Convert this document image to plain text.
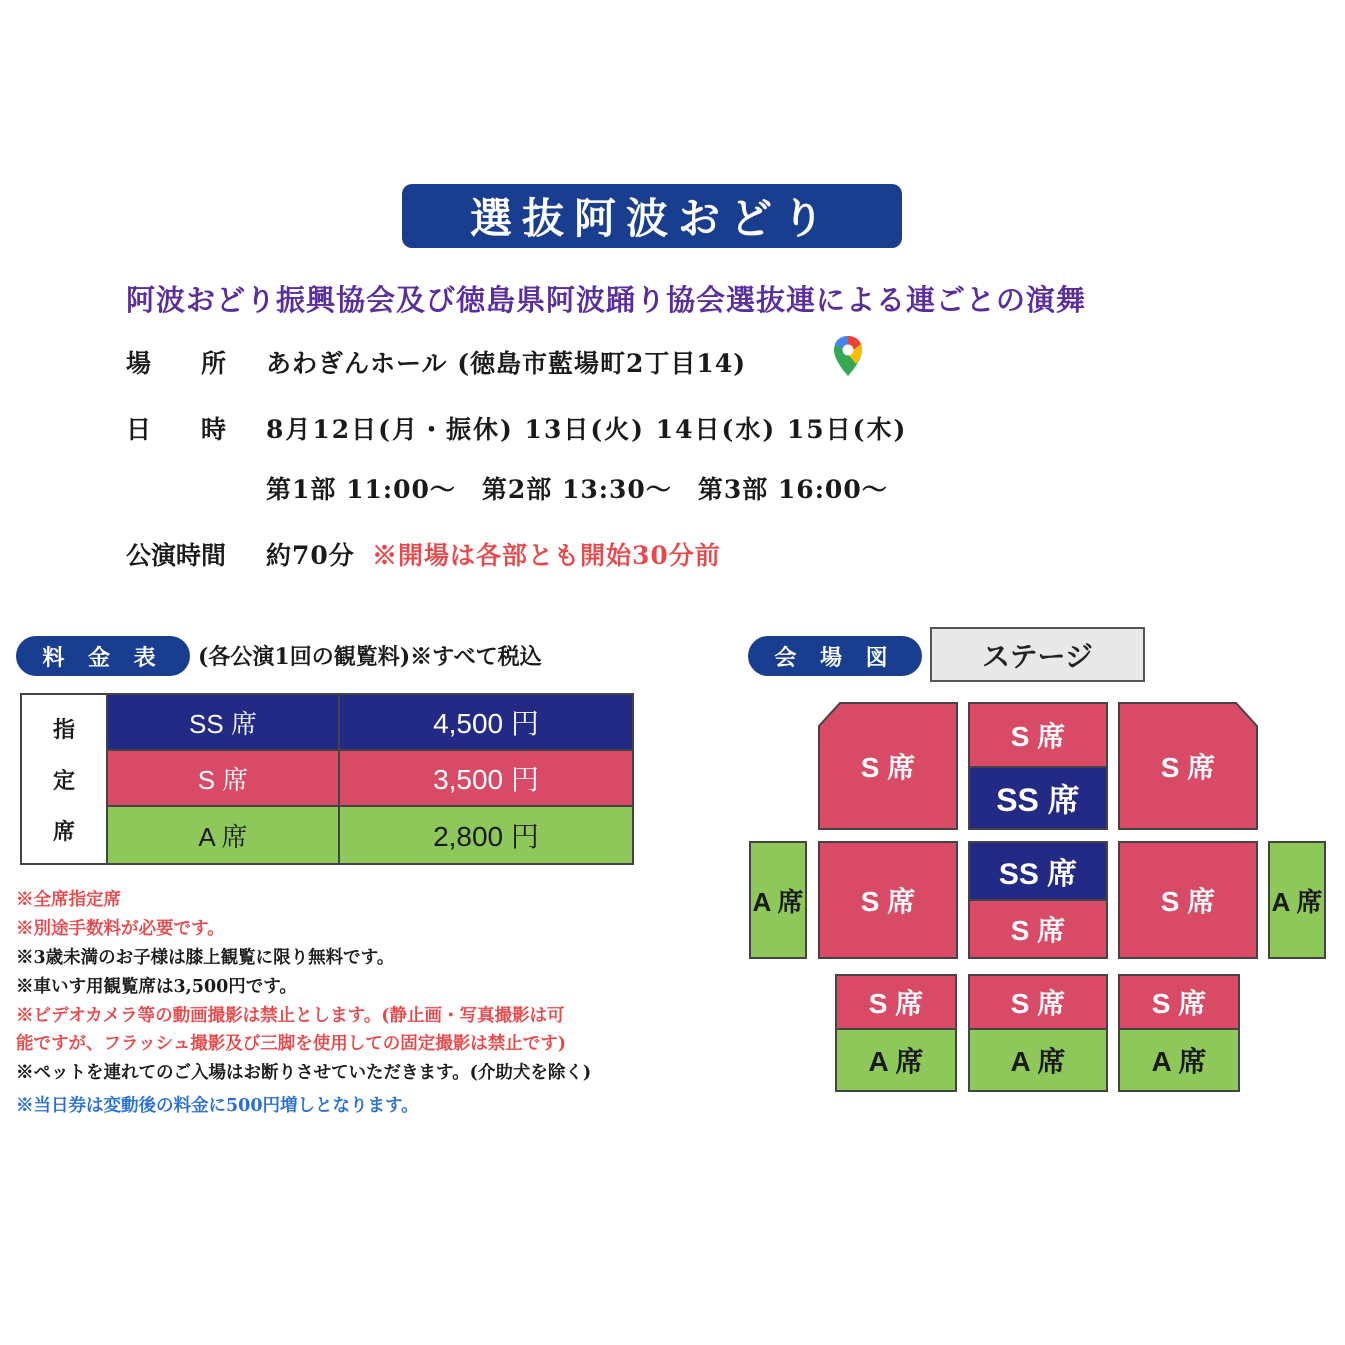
選抜阿波おどり
阿波おどり振興協会及び徳島県阿波踊り協会選抜連による連ごとの演舞
場　　所 あわぎんホール (徳島市藍場町2丁目14)
日　　時 8月12日(月・振休) 13日(火) 14日(水) 15日(木)
第1部 11:00～　第2部 13:30～　第3部 16:00～
公演時間 約70分 ※開場は各部とも開始30分前
料 金 表 (各公演1回の観覧料)※すべて税込
指
定
席
SS 席	4,500 円
S 席	3,500 円
A 席	2,800 円
※全席指定席
※別途手数料が必要です。
※3歳未満のお子様は膝上観覧に限り無料です。
※車いす用観覧席は3,500円です。
※ビデオカメラ等の動画撮影は禁止とします。(静止画・写真撮影は可
能ですが、フラッシュ撮影及び三脚を使用しての固定撮影は禁止です)
※ペットを連れてのご入場はお断りさせていただきます。(介助犬を除く)
※当日券は変動後の料金に500円増しとなります。
会 場 図	ステージ
S 席	S 席
S 席
SS 席
A 席	S 席
SS 席
S 席
S 席	A 席
S 席
A 席
S 席
A 席
S 席
A 席
